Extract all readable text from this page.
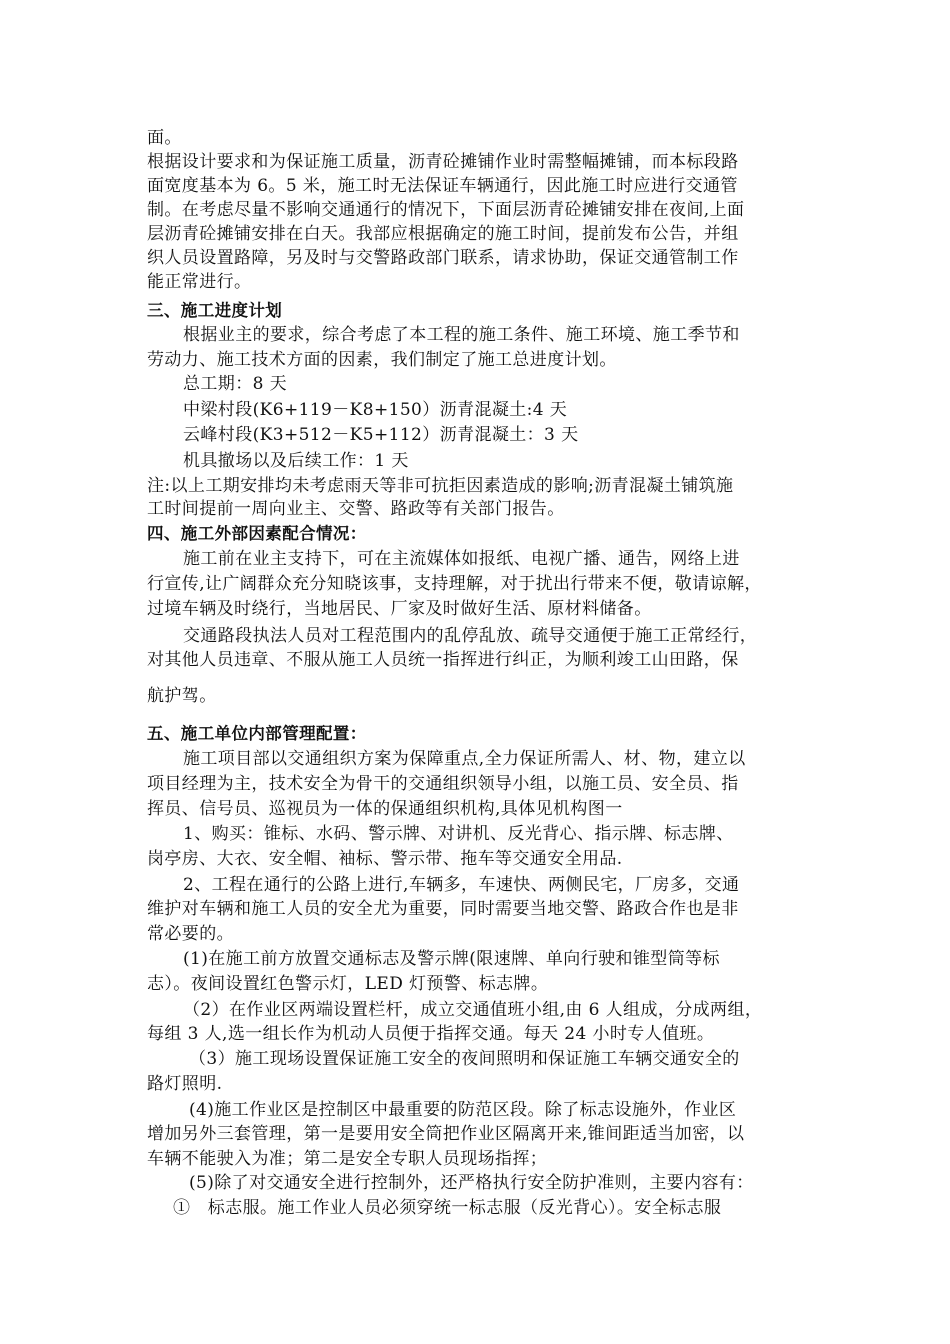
面。
根据设计要求和为保证施工质量，沥青砼摊铺作业时需整幅摊铺，而本标段路
面宽度基本为 6。5 米，施工时无法保证车辆通行，因此施工时应进行交通管
制。在考虑尽量不影响交通通行的情况下，下面层沥青砼摊铺安排在夜间,上面
层沥青砼摊铺安排在白天。我部应根据确定的施工时间，提前发布公告，并组
织人员设置路障，另及时与交警路政部门联系，请求协助，保证交通管制工作
能正常进行。
三、施工进度计划
根据业主的要求，综合考虑了本工程的施工条件、施工环境、施工季节和
劳动力、施工技术方面的因素，我们制定了施工总进度计划。
总工期：8 天
中梁村段(K6+119－K8+150）沥青混凝土:4 天
云峰村段(K3+512－K5+112）沥青混凝土：3 天
机具撤场以及后续工作：1 天
注:以上工期安排均未考虑雨天等非可抗拒因素造成的影响;沥青混凝土铺筑施
工时间提前一周向业主、交警、路政等有关部门报告。
四、施工外部因素配合情况：
施工前在业主支持下，可在主流媒体如报纸、电视广播、通告，网络上进
行宣传,让广阔群众充分知晓该事，支持理解，对于扰出行带来不便，敬请谅解，
过境车辆及时绕行，当地居民、厂家及时做好生活、原材料储备。
交通路段执法人员对工程范围内的乱停乱放、疏导交通便于施工正常经行，
对其他人员违章、不服从施工人员统一指挥进行纠正，为顺利竣工山田路，保
航护驾。
五、施工单位内部管理配置：
施工项目部以交通组织方案为保障重点,全力保证所需人、材、物，建立以
项目经理为主，技术安全为骨干的交通组织领导小组，以施工员、安全员、指
挥员、信号员、巡视员为一体的保通组织机构,具体见机构图一
1、购买：锥标、水码、警示牌、对讲机、反光背心、指示牌、标志牌、
岗亭房、大衣、安全帽、袖标、警示带、拖车等交通安全用品.
2、工程在通行的公路上进行,车辆多，车速快、两侧民宅，厂房多，交通
维护对车辆和施工人员的安全尤为重要，同时需要当地交警、路政合作也是非
常必要的。
(1)在施工前方放置交通标志及警示牌(限速牌、单向行驶和锥型筒等标
志）。夜间设置红色警示灯，LED 灯预警、标志牌。
（2）在作业区两端设置栏杆，成立交通值班小组,由 6 人组成，分成两组，
每组 3 人,选一组长作为机动人员便于指挥交通。每天 24 小时专人值班。
（3）施工现场设置保证施工安全的夜间照明和保证施工车辆交通安全的
路灯照明.
(4)施工作业区是控制区中最重要的防范区段。除了标志设施外，作业区
增加另外三套管理，第一是要用安全筒把作业区隔离开来,锥间距适当加密，以
车辆不能驶入为准；第二是安全专职人员现场指挥；
(5)除了对交通安全进行控制外，还严格执行安全防护准则，主要内容有：
①　标志服。施工作业人员必须穿统一标志服（反光背心）。安全标志服
